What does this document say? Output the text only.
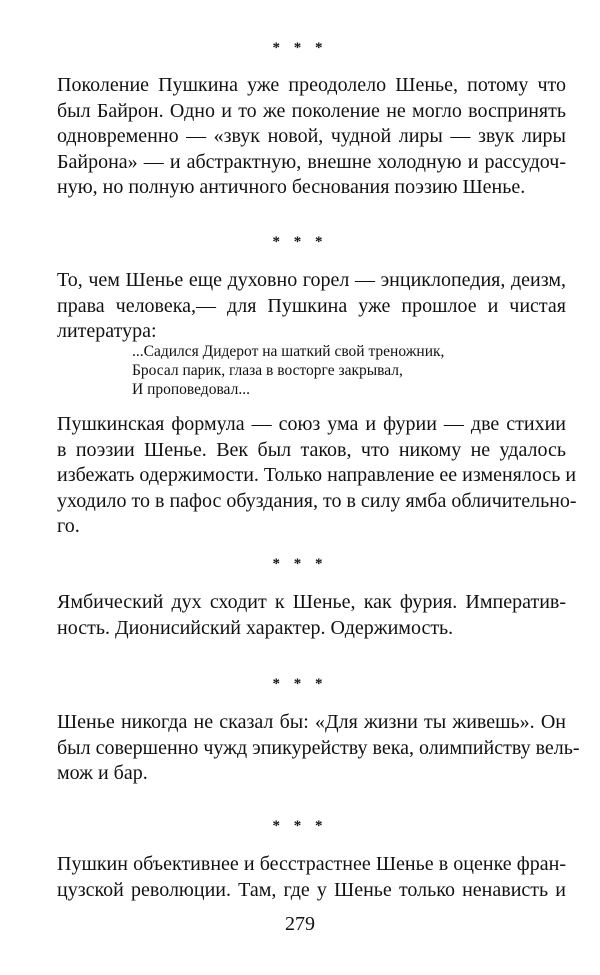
* * *
Поколение Пушкина уже преодолело Шенье, потому что
был Байрон. Одно и то же поколение не могло воспринять
одновременно — «звук новой, чудной лиры — звук лиры
Байрона» — и абстрактную, внешне холодную и рассудоч-
ную, но полную античного беснования поэзию Шенье.
* * *
То, чем Шенье еще духовно горел — энциклопедия, деизм,
права человека,— для Пушкина уже прошлое и чистая
литература:
...Садился Дидерот на шаткий свой треножник,
Бросал парик, глаза в восторге закрывал,
И проповедовал...
Пушкинская формула — союз ума и фурии — две стихии
в поэзии Шенье. Век был таков, что никому не удалось
избежать одержимости. Только направление ее изменялось и
уходило то в пафос обуздания, то в силу ямба обличительно-
го.
* * *
Ямбический дух сходит к Шенье, как фурия. Императив-
ность. Дионисийский характер. Одержимость.
* * *
Шенье никогда не сказал бы: «Для жизни ты живешь». Он
был совершенно чужд эпикурейству века, олимпийству вель-
мож и бар.
* * *
Пушкин объективнее и бесстрастнее Шенье в оценке фран-
цузской революции. Там, где у Шенье только ненависть и
279
